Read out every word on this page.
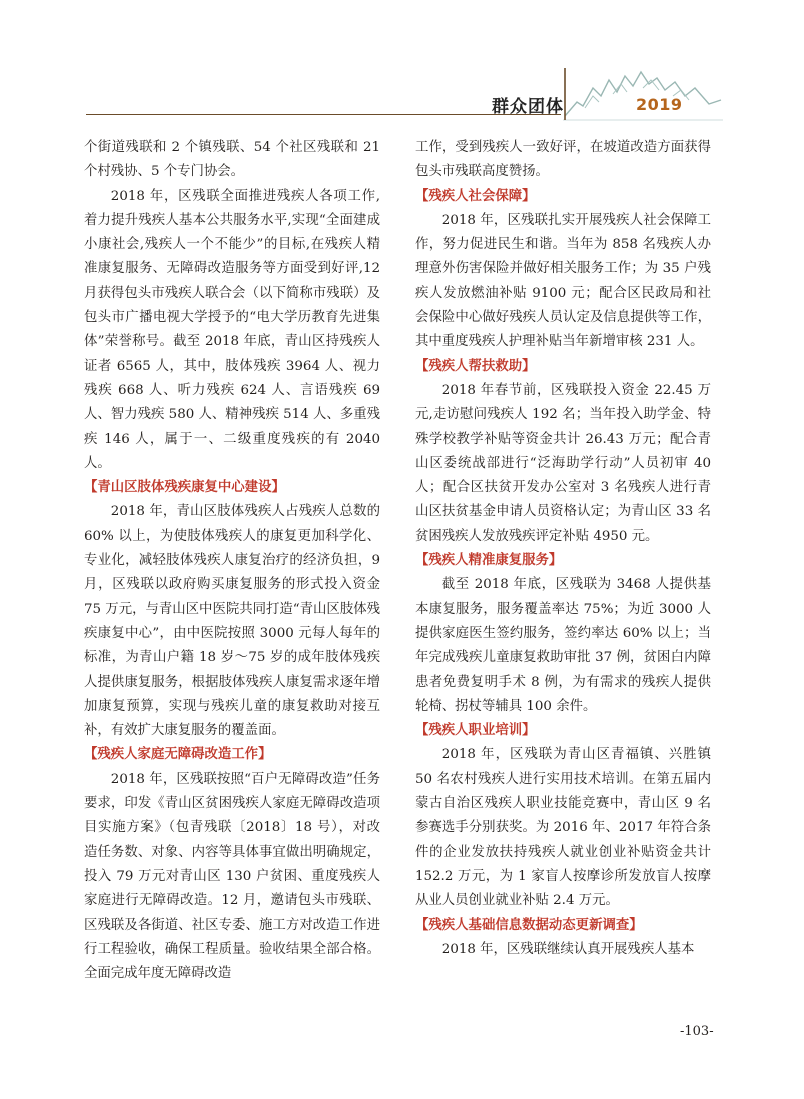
群众团体	2019

个街道残联和 2 个镇残联、54 个社区残联和 21 个村残协、5 个专门协会。

2018 年，区残联全面推进残疾人各项工作,着力提升残疾人基本公共服务水平,实现“全面建成小康社会,残疾人一个不能少”的目标,在残疾人精准康复服务、无障碍改造服务等方面受到好评,12 月获得包头市残疾人联合会（以下简称市残联）及包头市广播电视大学授予的“电大学历教育先进集体”荣誉称号。截至 2018 年底，青山区持残疾人证者 6565 人，其中，肢体残疾 3964 人、视力残疾 668 人、听力残疾 624 人、言语残疾 69 人、智力残疾 580 人、精神残疾 514 人、多重残疾 146 人，属于一、二级重度残疾的有 2040 人。

【青山区肢体残疾康复中心建设】

2018 年，青山区肢体残疾人占残疾人总数的 60% 以上，为使肢体残疾人的康复更加科学化、专业化，减轻肢体残疾人康复治疗的经济负担，9 月，区残联以政府购买康复服务的形式投入资金 75 万元，与青山区中医院共同打造“青山区肢体残疾康复中心”，由中医院按照 3000 元每人每年的标准，为青山户籍 18 岁～75 岁的成年肢体残疾人提供康复服务，根据肢体残疾人康复需求逐年增加康复预算，实现与残疾儿童的康复救助对接互补，有效扩大康复服务的覆盖面。

【残疾人家庭无障碍改造工作】

2018 年，区残联按照“百户无障碍改造”任务要求，印发《青山区贫困残疾人家庭无障碍改造项目实施方案》（包青残联〔2018〕18 号），对改造任务数、对象、内容等具体事宜做出明确规定，投入 79 万元对青山区 130 户贫困、重度残疾人家庭进行无障碍改造。12 月，邀请包头市残联、区残联及各街道、社区专委、施工方对改造工作进行工程验收，确保工程质量。验收结果全部合格。全面完成年度无障碍改造

工作，受到残疾人一致好评，在坡道改造方面获得包头市残联高度赞扬。

【残疾人社会保障】

2018 年，区残联扎实开展残疾人社会保障工作，努力促进民生和谐。当年为 858 名残疾人办理意外伤害保险并做好相关服务工作；为 35 户残疾人发放燃油补贴 9100 元；配合区民政局和社会保险中心做好残疾人员认定及信息提供等工作，其中重度残疾人护理补贴当年新增审核 231 人。

【残疾人帮扶救助】

2018 年春节前，区残联投入资金 22.45 万元,走访慰问残疾人 192 名；当年投入助学金、特殊学校教学补贴等资金共计 26.43 万元；配合青山区委统战部进行“泛海助学行动”人员初审 40 人；配合区扶贫开发办公室对 3 名残疾人进行青山区扶贫基金申请人员资格认定；为青山区 33 名贫困残疾人发放残疾评定补贴 4950 元。

【残疾人精准康复服务】

截至 2018 年底，区残联为 3468 人提供基本康复服务，服务覆盖率达 75%；为近 3000 人提供家庭医生签约服务，签约率达 60% 以上；当年完成残疾儿童康复救助审批 37 例，贫困白内障患者免费复明手术 8 例，为有需求的残疾人提供轮椅、拐杖等辅具 100 余件。

【残疾人职业培训】

2018 年，区残联为青山区青福镇、兴胜镇 50 名农村残疾人进行实用技术培训。在第五届内蒙古自治区残疾人职业技能竞赛中，青山区 9 名参赛选手分别获奖。为 2016 年、2017 年符合条件的企业发放扶持残疾人就业创业补贴资金共计 152.2 万元，为 1 家盲人按摩诊所发放盲人按摩从业人员创业就业补贴 2.4 万元。

【残疾人基础信息数据动态更新调查】

2018 年，区残联继续认真开展残疾人基本

-103-
